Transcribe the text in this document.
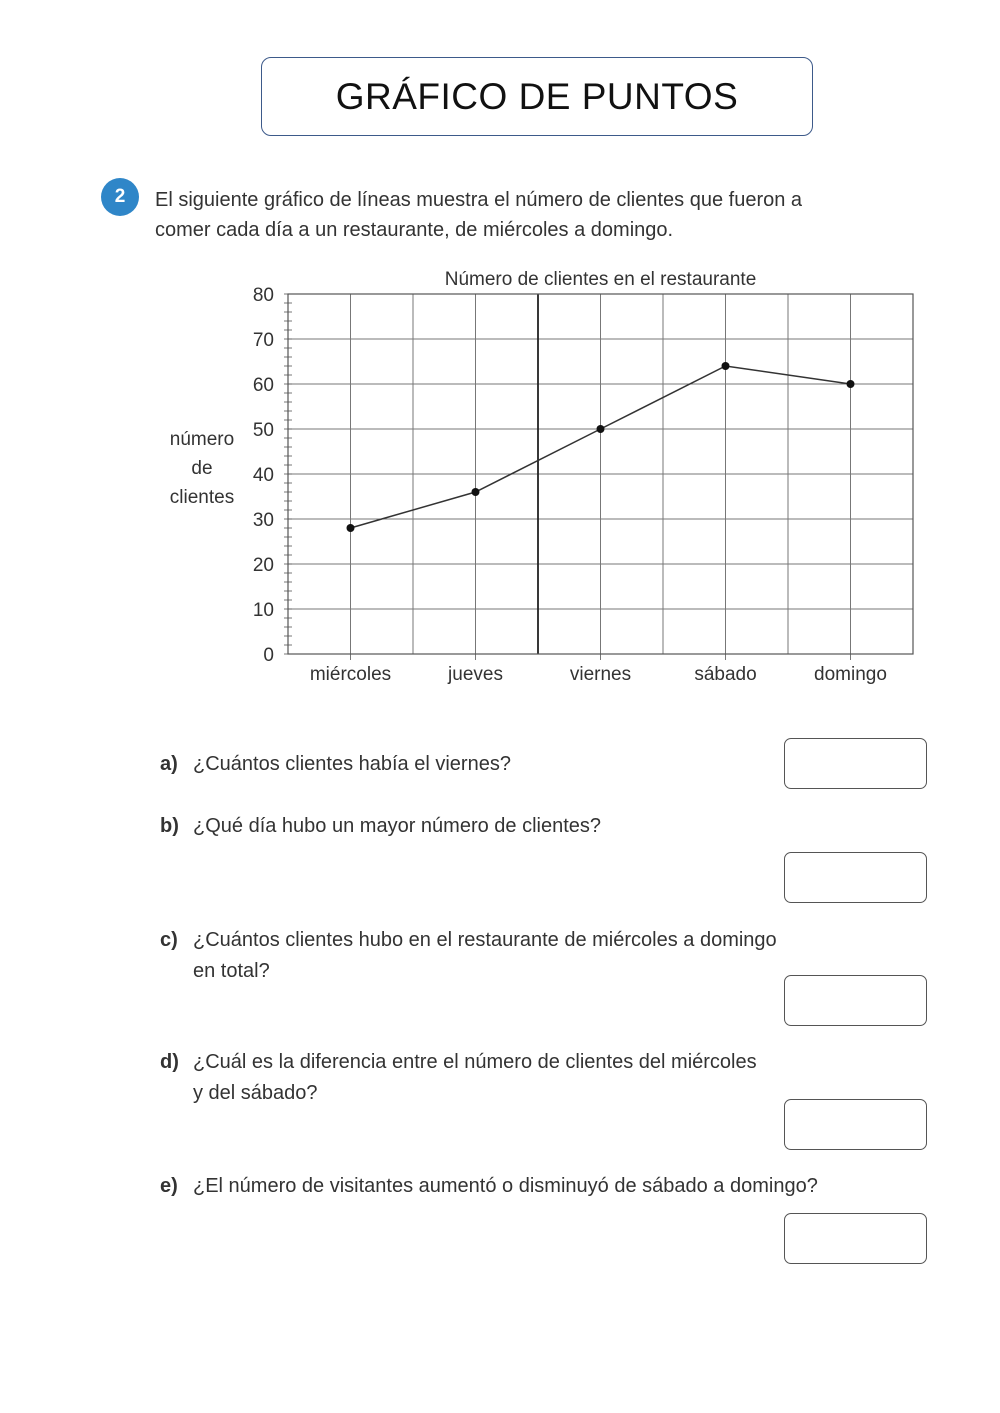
GRÁFICO DE PUNTOS
2	El siguiente gráfico de líneas muestra el número de clientes que fueron a
comer cada día a un restaurante, de miércoles a domingo.

Número de clientes en el restaurante
0
10
20
30
40
50
60
70
80
número
de
clientes
miércoles	jueves	viernes	sábado	domingo
a) ¿Cuántos clientes había el viernes?
b) ¿Qué día hubo un mayor número de clientes?
c) ¿Cuántos clientes hubo en el restaurante de miércoles a domingo
en total?
d) ¿Cuál es la diferencia entre el número de clientes del miércoles
y del sábado?
e) ¿El número de visitantes aumentó o disminuyó de sábado a domingo?
